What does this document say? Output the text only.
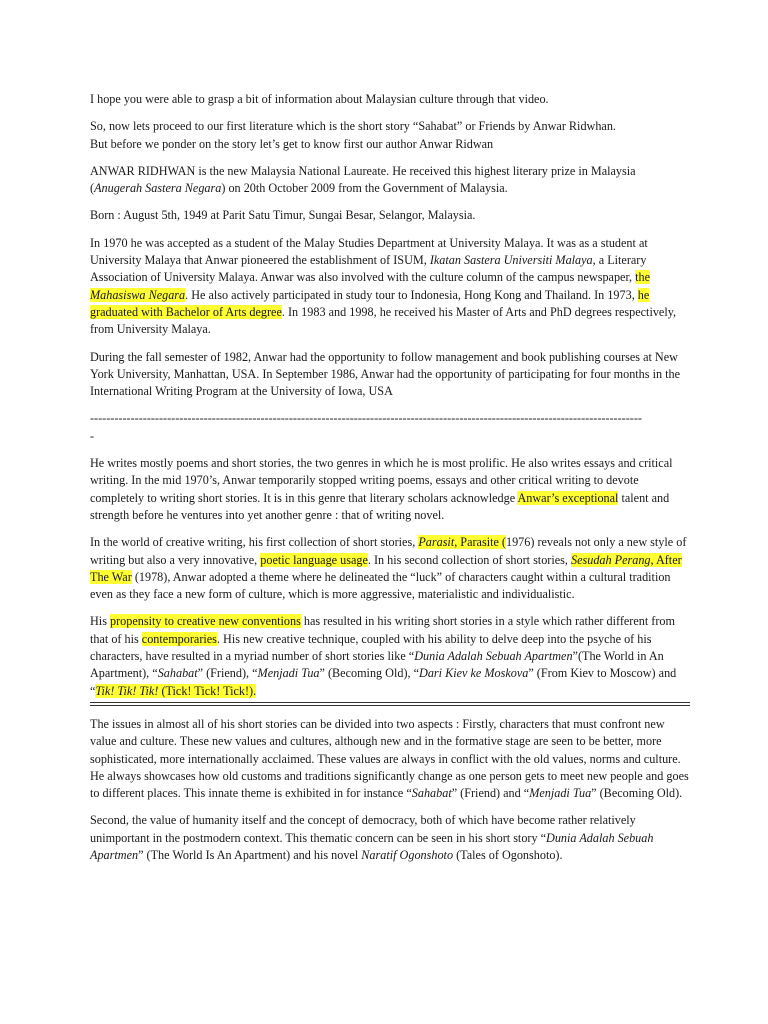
I hope you were able to grasp a bit of information about Malaysian culture through that video.

So, now lets proceed to our first literature which is the short story “Sahabat” or Friends by Anwar Ridwhan.
But before we ponder on the story let’s get to know first our author Anwar Ridwan

ANWAR RIDHWAN is the new Malaysia National Laureate. He received this highest literary prize in Malaysia (Anugerah Sastera Negara) on 20th October 2009 from the Government of Malaysia.

Born : August 5th, 1949 at Parit Satu Timur, Sungai Besar, Selangor, Malaysia.

In 1970 he was accepted as a student of the Malay Studies Department at University Malaya. It was as a student at University Malaya that Anwar pioneered the establishment of ISUM, Ikatan Sastera Universiti Malaya, a Literary Association of University Malaya. Anwar was also involved with the culture column of the campus newspaper, the Mahasiswa Negara. He also actively participated in study tour to Indonesia, Hong Kong and Thailand. In 1973, he graduated with Bachelor of Arts degree. In 1983 and 1998, he received his Master of Arts and PhD degrees respectively, from University Malaya.

During the fall semester of 1982, Anwar had the opportunity to follow management and book publishing courses at New York University, Manhattan, USA. In September 1986, Anwar had the opportunity of participating for four months in the International Writing Program at the University of Iowa, USA

----------------------------------------------------------------------------------------------------------------------------------------

-

He writes mostly poems and short stories, the two genres in which he is most prolific. He also writes essays and critical writing. In the mid 1970’s, Anwar temporarily stopped writing poems, essays and other critical writing to devote completely to writing short stories. It is in this genre that literary scholars acknowledge Anwar’s exceptional talent and strength before he ventures into yet another genre : that of writing novel.

In the world of creative writing, his first collection of short stories, Parasit, Parasite (1976) reveals not only a new style of writing but also a very innovative, poetic language usage. In his second collection of short stories, Sesudah Perang, After The War (1978), Anwar adopted a theme where he delineated the “luck” of characters caught within a cultural tradition even as they face a new form of culture, which is more aggressive, materialistic and individualistic.

His propensity to creative new conventions has resulted in his writing short stories in a style which rather different from that of his contemporaries. His new creative technique, coupled with his ability to delve deep into the psyche of his characters, have resulted in a myriad number of short stories like “Dunia Adalah Sebuah Apartmen”(The World in An Apartment), “Sahabat” (Friend), “Menjadi Tua” (Becoming Old), “Dari Kiev ke Moskova” (From Kiev to Moscow) and “Tik! Tik! Tik! (Tick! Tick! Tick!).

The issues in almost all of his short stories can be divided into two aspects : Firstly, characters that must confront new value and culture. These new values and cultures, although new and in the formative stage are seen to be better, more sophisticated, more internationally acclaimed. These values are always in conflict with the old values, norms and culture. He always showcases how old customs and traditions significantly change as one person gets to meet new people and goes to different places. This innate theme is exhibited in for instance “Sahabat” (Friend) and “Menjadi Tua” (Becoming Old).

Second, the value of humanity itself and the concept of democracy, both of which have become rather relatively unimportant in the postmodern context. This thematic concern can be seen in his short story “Dunia Adalah Sebuah Apartmen” (The World Is An Apartment) and his novel Naratif Ogonshoto (Tales of Ogonshoto).
